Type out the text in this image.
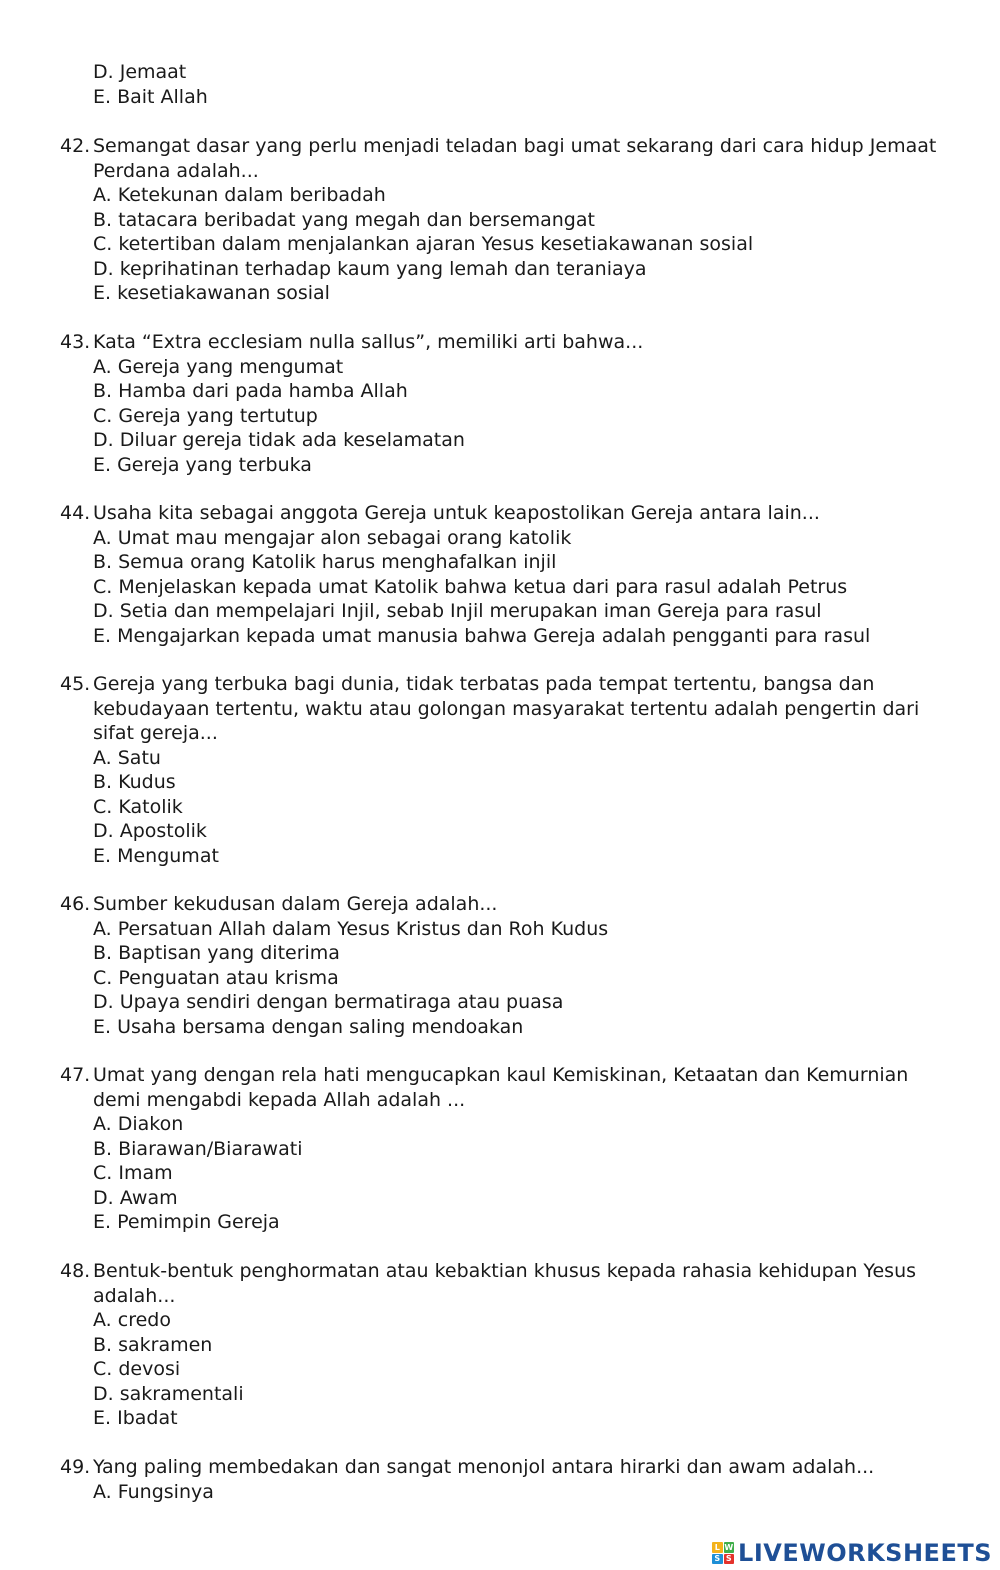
D. Jemaat
E. Bait Allah
42. Semangat dasar yang perlu menjadi teladan bagi umat sekarang dari cara hidup Jemaat Perdana adalah...
A. Ketekunan dalam beribadah
B. tatacara beribadat yang megah dan bersemangat
C. ketertiban dalam menjalankan ajaran Yesus kesetiakawanan sosial
D. keprihatinan terhadap kaum yang lemah dan teraniaya
E. kesetiakawanan sosial
43. Kata “Extra ecclesiam nulla sallus”, memiliki arti bahwa...
A. Gereja yang mengumat
B. Hamba dari pada hamba Allah
C. Gereja yang tertutup
D. Diluar gereja tidak ada keselamatan
E. Gereja yang terbuka
44. Usaha kita sebagai anggota Gereja untuk keapostolikan Gereja antara lain...
A. Umat mau mengajar alon sebagai orang katolik
B. Semua orang Katolik harus menghafalkan injil
C. Menjelaskan kepada umat Katolik bahwa ketua dari para rasul adalah Petrus
D. Setia dan mempelajari Injil, sebab Injil merupakan iman Gereja para rasul
E. Mengajarkan kepada umat manusia bahwa Gereja adalah pengganti para rasul
45. Gereja yang terbuka bagi dunia, tidak terbatas pada tempat tertentu, bangsa dan kebudayaan tertentu, waktu atau golongan masyarakat tertentu adalah pengertin dari sifat gereja...
A. Satu
B. Kudus
C. Katolik
D. Apostolik
E. Mengumat
46. Sumber kekudusan dalam Gereja adalah...
A. Persatuan Allah dalam Yesus Kristus dan Roh Kudus
B. Baptisan yang diterima
C. Penguatan atau krisma
D. Upaya sendiri dengan bermatiraga atau puasa
E. Usaha bersama dengan saling mendoakan
47. Umat yang dengan rela hati mengucapkan kaul Kemiskinan, Ketaatan dan Kemurnian demi mengabdi kepada Allah adalah ...
A. Diakon
B. Biarawan/Biarawati
C. Imam
D. Awam
E. Pemimpin Gereja
48. Bentuk-bentuk penghormatan atau kebaktian khusus kepada rahasia kehidupan Yesus adalah...
A. credo
B. sakramen
C. devosi
D. sakramentali
E. Ibadat
49. Yang paling membedakan dan sangat menonjol antara hirarki dan awam adalah...
A. Fungsinya
L W
S S LIVEWORKSHEETS
